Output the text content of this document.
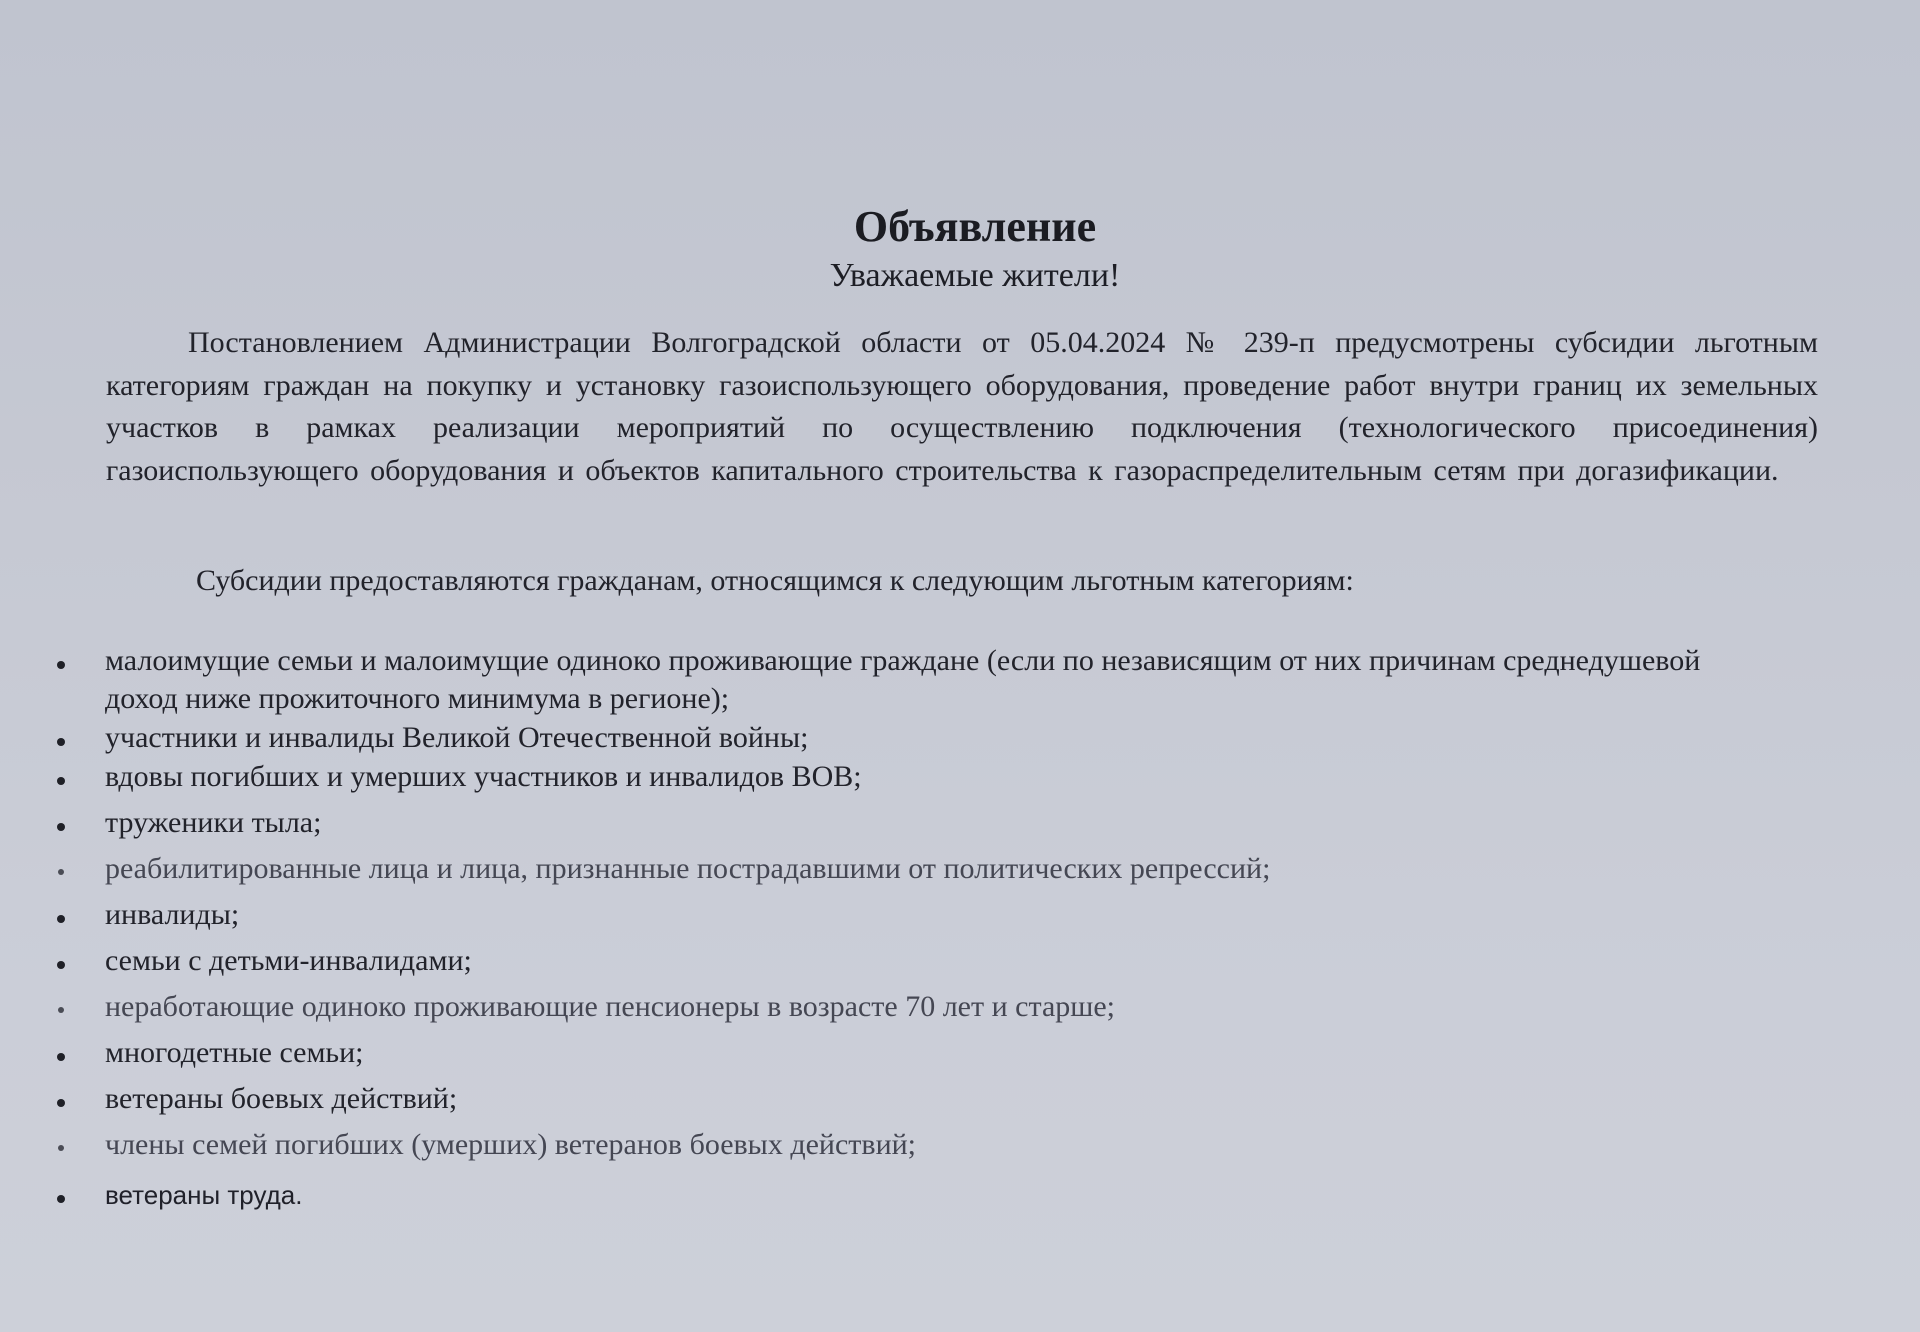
Объявление
Уважаемые жители!

Постановлением Администрации Волгоградской области от 05.04.2024 № 239-п предусмотрены субсидии льготным категориям граждан на покупку и установку газоиспользующего оборудования, проведение работ внутри границ их земельных участков в рамках реализации мероприятий по осуществлению подключения (технологического присоединения) газоиспользующего оборудования и объектов капитального строительства к газораспределительным сетям при догазификации.

Субсидии предоставляются гражданам, относящимся к следующим льготным категориям:

малоимущие семьи и малоимущие одиноко проживающие граждане (если по независящим от них причинам среднедушевой доход ниже прожиточного минимума в регионе);
участники и инвалиды Великой Отечественной войны;
вдовы погибших и умерших участников и инвалидов ВОВ;
труженики тыла;
реабилитированные лица и лица, признанные пострадавшими от политических репрессий;
инвалиды;
семьи с детьми-инвалидами;
неработающие одиноко проживающие пенсионеры в возрасте 70 лет и старше;
многодетные семьи;
ветераны боевых действий;
члены семей погибших (умерших) ветеранов боевых действий;
ветераны труда.
